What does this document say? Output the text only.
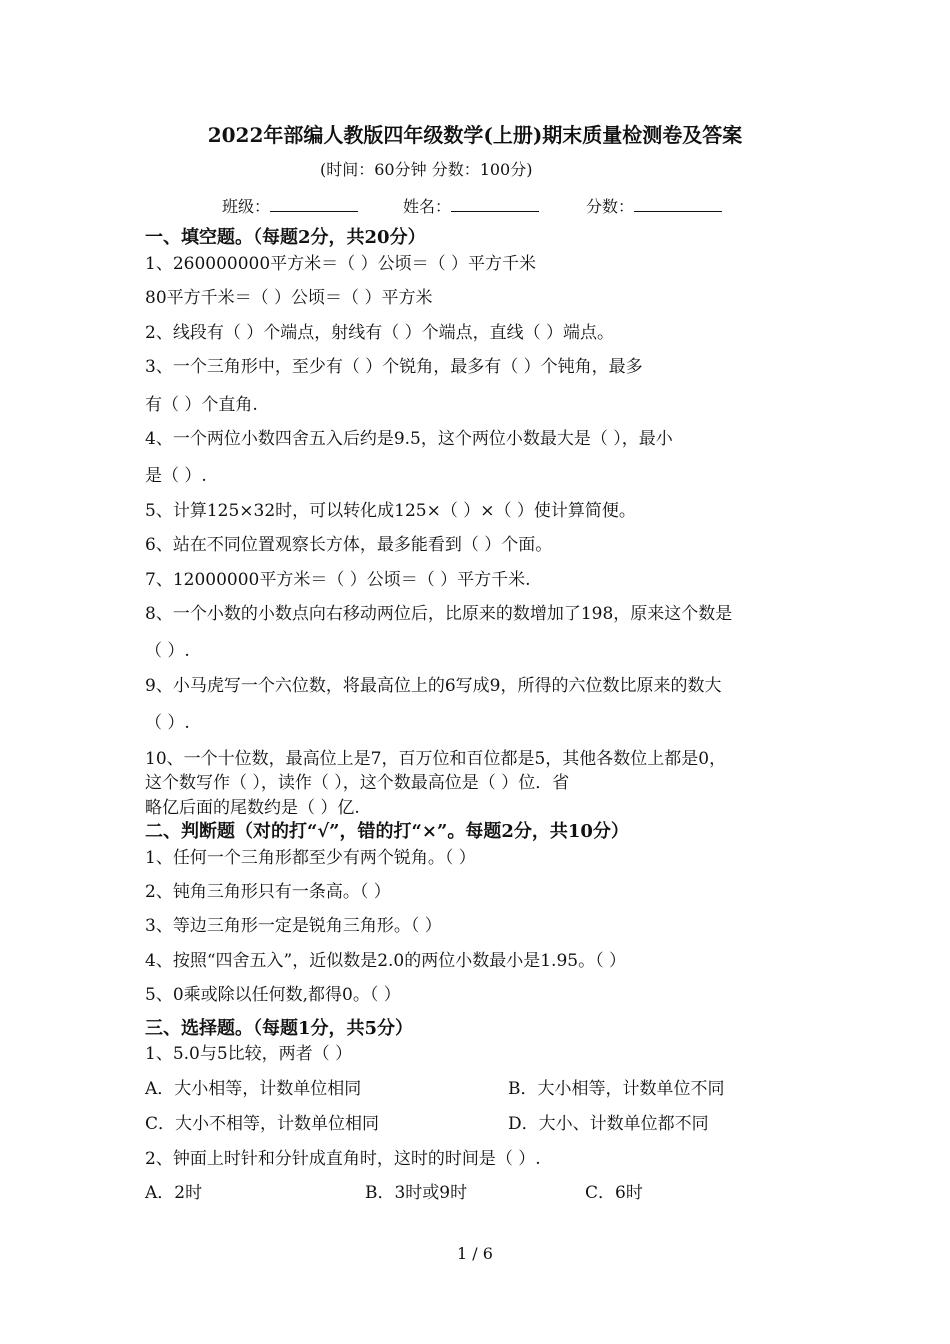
2022年部编人教版四年级数学(上册)期末质量检测卷及答案
(时间：60分钟 分数：100分)
班级：	姓名：	分数：
一、填空题。（每题2分，共20分）
1、260000000平方米＝（ ）公顷＝（ ）平方千米
80平方千米＝（ ）公顷＝（ ）平方米
2、线段有（ ）个端点，射线有（ ）个端点，直线（ ）端点。
3、一个三角形中，至少有（ ）个锐角，最多有（ ）个钝角，最多
有（ ）个直角.
4、一个两位小数四舍五入后约是9.5，这个两位小数最大是（ ），最小
是（ ）.
5、计算125×32时，可以转化成125×（ ）×（ ）使计算简便。
6、站在不同位置观察长方体，最多能看到（ ）个面。
7、12000000平方米＝（ ）公顷＝（ ）平方千米.
8、一个小数的小数点向右移动两位后，比原来的数增加了198，原来这个数是
（ ）.
9、小马虎写一个六位数，将最高位上的6写成9，所得的六位数比原来的数大
（ ）.
10、一个十位数，最高位上是7，百万位和百位都是5，其他各数位上都是0，
这个数写作（ ），读作（ ），这个数最高位是（ ）位．省
略亿后面的尾数约是（ ）亿.
二、判断题（对的打“√”，错的打“×”。每题2分，共10分）
1、任何一个三角形都至少有两个锐角。（ ）
2、钝角三角形只有一条高。（ ）
3、等边三角形一定是锐角三角形。（ ）
4、按照“四舍五入”，近似数是2.0的两位小数最小是1.95。（ ）
5、0乘或除以任何数,都得0。（ ）
三、选择题。（每题1分，共5分）
1、5.0与5比较，两者（ ）
A．大小相等，计数单位相同	B．大小相等，计数单位不同
C．大小不相等，计数单位相同	D．大小、计数单位都不同
2、钟面上时针和分针成直角时，这时的时间是（ ）.
A．2时	B．3时或9时	C．6时
1 / 6
